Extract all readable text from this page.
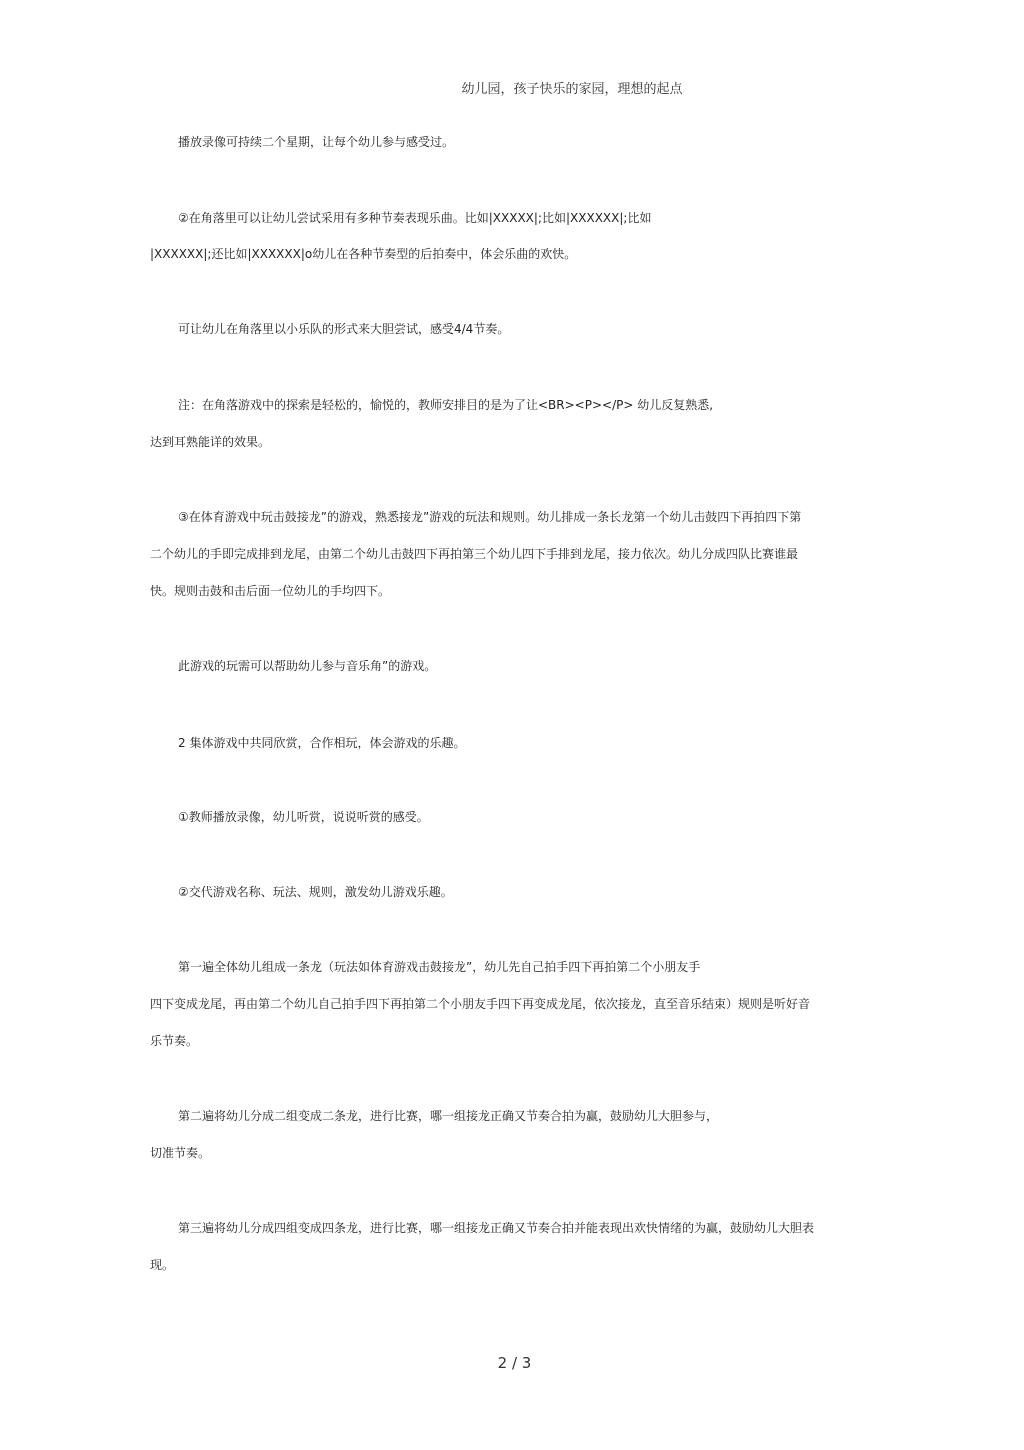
幼儿园，孩子快乐的家园，理想的起点
播放录像可持续二个星期，让每个幼儿参与感受过。
②在角落里可以让幼儿尝试采用有多种节奏表现乐曲。比如|XXXXX|;比如|XXXXXX|;比如
|XXXXXX|;还比如|XXXXXX|o幼儿在各种节奏型的后拍奏中，体会乐曲的欢快。
可让幼儿在角落里以小乐队的形式来大胆尝试，感受4/4节奏。
注：在角落游戏中的探索是轻松的，愉悦的，教师安排目的是为了让<BR><P></P> 幼儿反复熟悉,
达到耳熟能详的效果。
③在体育游戏中玩击鼓接龙”的游戏，熟悉接龙”游戏的玩法和规则。幼儿排成一条长龙第一个幼儿击鼓四下再拍四下第
二个幼儿的手即完成排到龙尾，由第二个幼儿击鼓四下再拍第三个幼儿四下手排到龙尾，接力依次。幼儿分成四队比赛谁最
快。规则击鼓和击后面一位幼儿的手均四下。
此游戏的玩需可以帮助幼儿参与音乐角”的游戏。
2 集体游戏中共同欣赏，合作相玩，体会游戏的乐趣。
①教师播放录像，幼儿听赏，说说听赏的感受。
②交代游戏名称、玩法、规则，激发幼儿游戏乐趣。
第一遍全体幼儿组成一条龙（玩法如体育游戏击鼓接龙”，幼儿先自己拍手四下再拍第二个小朋友手
四下变成龙尾，再由第二个幼儿自己拍手四下再拍第二个小朋友手四下再变成龙尾，依次接龙，直至音乐结束）规则是听好音
乐节奏。
第二遍将幼儿分成二组变成二条龙，进行比赛，哪一组接龙正确又节奏合拍为赢，鼓励幼儿大胆参与，
切准节奏。
第三遍将幼儿分成四组变成四条龙，进行比赛，哪一组接龙正确又节奏合拍并能表现出欢快情绪的为赢，鼓励幼儿大胆表
现。
2 / 3
